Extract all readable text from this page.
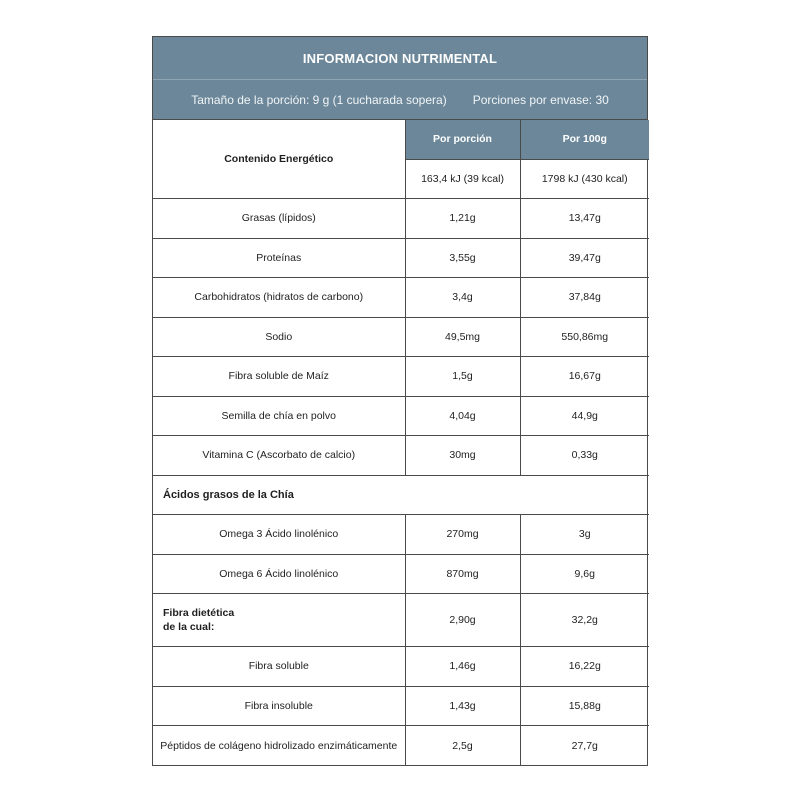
INFORMACION NUTRIMENTAL
Tamaño de la porción: 9 g (1 cucharada sopera) Porciones por envase: 30
Contenido Energético	Por porción	Por 100g
	163,4 kJ (39 kcal)	1798 kJ (430 kcal)
Grasas (lípidos)	1,21g	13,47g
Proteínas	3,55g	39,47g
Carbohidratos (hidratos de carbono)	3,4g	37,84g
Sodio	49,5mg	550,86mg
Fibra soluble de Maíz	1,5g	16,67g
Semilla de chía en polvo	4,04g	44,9g
Vitamina C (Ascorbato de calcio)	30mg	0,33g
Ácidos grasos de la Chía		
Omega 3 Ácido linolénico	270mg	3g
Omega 6 Ácido linolénico	870mg	9,6g
Fibra dietética
de la cual:	2,90g	32,2g
Fibra soluble	1,46g	16,22g
Fibra insoluble	1,43g	15,88g
Péptidos de colágeno hidrolizado enzimáticamente	2,5g	27,7g
